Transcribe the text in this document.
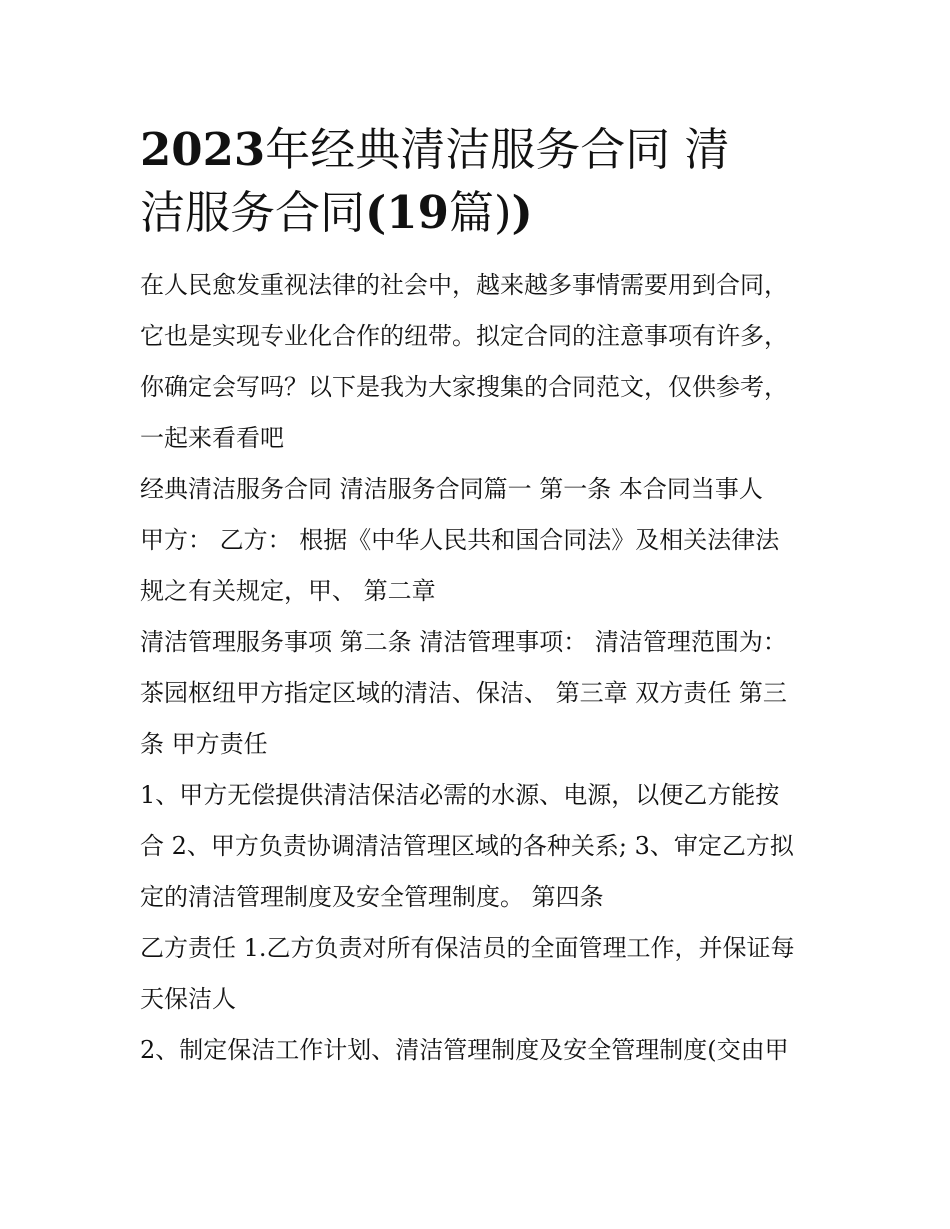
2023年经典清洁服务合同 清
洁服务合同(19篇))

在人民愈发重视法律的社会中，越来越多事情需要用到合同，
它也是实现专业化合作的纽带。拟定合同的注意事项有许多，
你确定会写吗？以下是我为大家搜集的合同范文，仅供参考，
一起来看看吧

经典清洁服务合同 清洁服务合同篇一 第一条 本合同当事人
甲方： 乙方： 根据《中华人民共和国合同法》及相关法律法
规之有关规定，甲、 第二章

清洁管理服务事项 第二条 清洁管理事项： 清洁管理范围为：
茶园枢纽甲方指定区域的清洁、保洁、 第三章 双方责任 第三
条 甲方责任

1、甲方无偿提供清洁保洁必需的水源、电源，以便乙方能按
合 2、甲方负责协调清洁管理区域的各种关系; 3、审定乙方拟
定的清洁管理制度及安全管理制度。 第四条

乙方责任 1.乙方负责对所有保洁员的全面管理工作，并保证每
天保洁人

2、制定保洁工作计划、清洁管理制度及安全管理制度(交由甲
